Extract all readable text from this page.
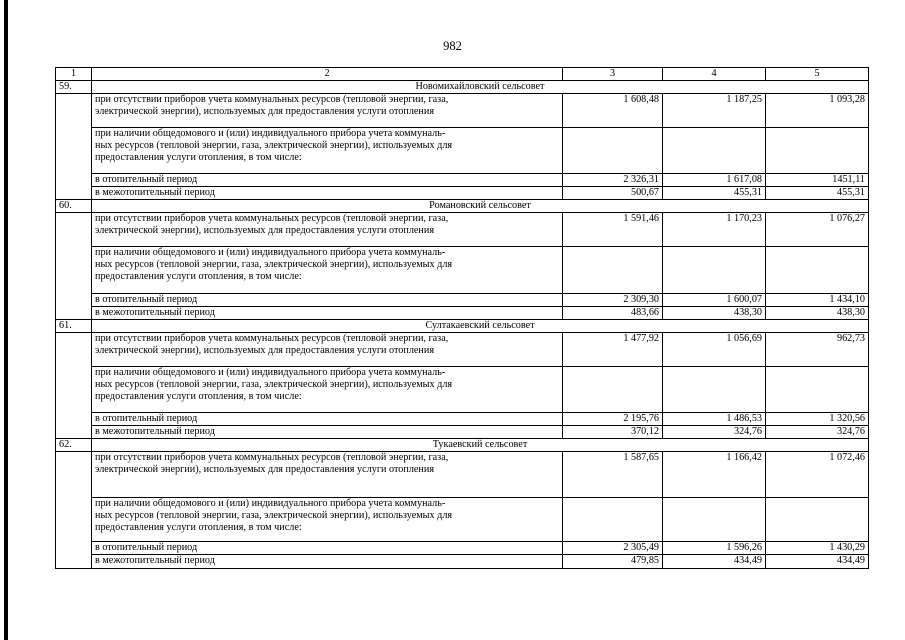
982
1	2	3	4	5
59.	Новомихайловский сельсовет			

	при отсутствии приборов учета коммунальных ресурсов (тепловой энергии, газа,
электрической энергии), используемых для предоставления услуги отопления	1 608,48	1 187,25	1 093,28

	при наличии общедомового и (или) индивидуального прибора учета коммуналь-
ных ресурсов (тепловой энергии, газа, электрической энергии), используемых для
предоставления услуги отопления, в том числе:			

	в отопительный период	2 326,31	1 617,08	1451,11
	в межотопительный период	500,67	455,31	455,31
60.	Романовский сельсовет			

	при отсутствии приборов учета коммунальных ресурсов (тепловой энергии, газа,
электрической энергии), используемых для предоставления услуги отопления	1 591,46	1 170,23	1 076,27

	при наличии общедомового и (или) индивидуального прибора учета коммуналь-
ных ресурсов (тепловой энергии, газа, электрической энергии), используемых для
предоставления услуги отопления, в том числе:			

	в отопительный период	2 309,30	1 600,07	1 434,10
	в межотопительный период	483,66	438,30	438,30
61.	Султакаевский сельсовет			

	при отсутствии приборов учета коммунальных ресурсов (тепловой энергии, газа,
электрической энергии), используемых для предоставления услуги отопления	1 477,92	1 056,69	962,73

	при наличии общедомового и (или) индивидуального прибора учета коммуналь-
ных ресурсов (тепловой энергии, газа, электрической энергии), используемых для
предоставления услуги отопления, в том числе:			

	в отопительный период	2 195,76	1 486,53	1 320,56
	в межотопительный период	370,12	324,76	324,76
62.	Тукаевский сельсовет			

	при отсутствии приборов учета коммунальных ресурсов (тепловой энергии, газа,
электрической энергии), используемых для предоставления услуги отопления	1 587,65	1 166,42	1 072,46

	при наличии общедомового и (или) индивидуального прибора учета коммуналь-
ных ресурсов (тепловой энергии, газа, электрической энергии), используемых для
предоставления услуги отопления, в том числе:			

	в отопительный период	2 305,49	1 596,26	1 430,29
	в межотопительный период	479,85	434,49	434,49
